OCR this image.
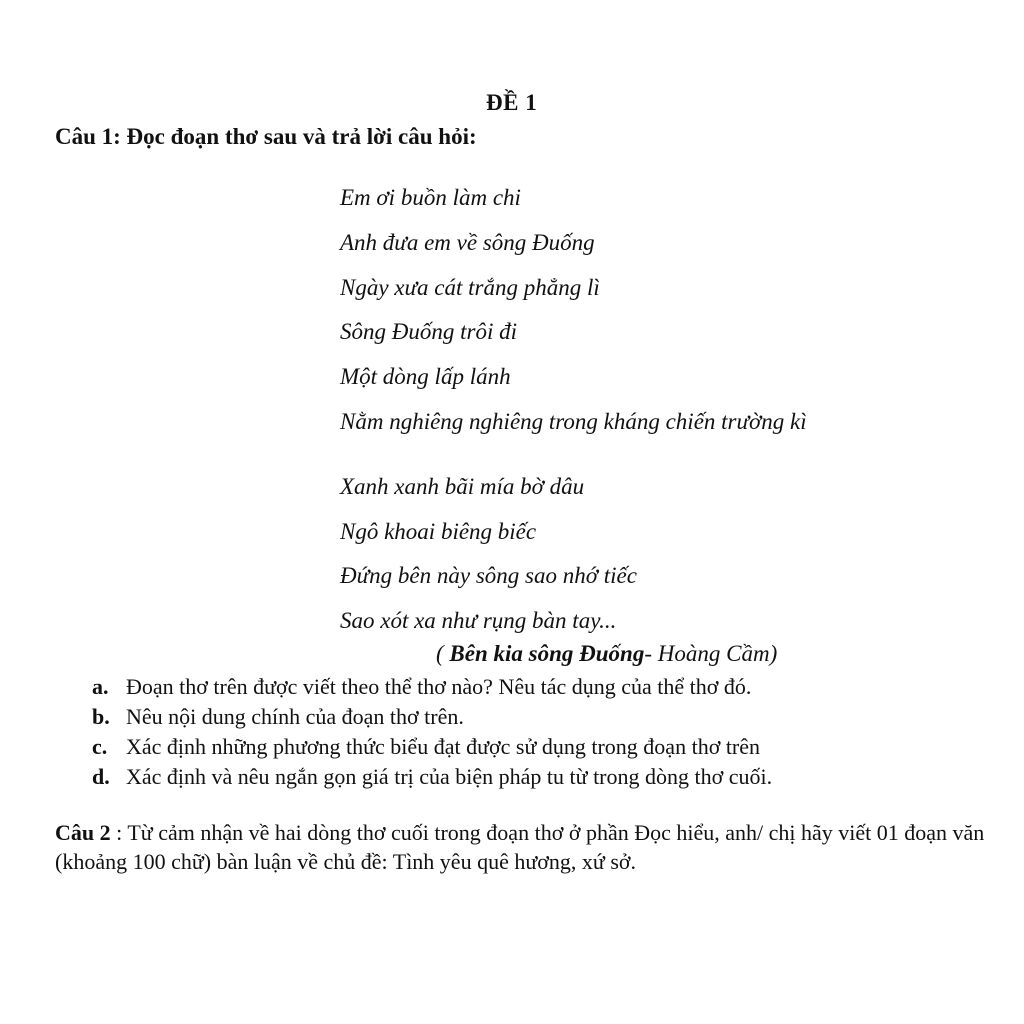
ĐỀ 1
Câu 1: Đọc đoạn thơ sau và trả lời câu hỏi:
Em ơi buồn làm chi
Anh đưa em về sông Đuống
Ngày xưa cát trắng phẳng lì
Sông Đuống trôi đi
Một dòng lấp lánh
Nằm nghiêng nghiêng trong kháng chiến trường kì
Xanh xanh bãi mía bờ dâu
Ngô khoai biêng biếc
Đứng bên này sông sao nhớ tiếc
Sao xót xa như rụng bàn tay...
( Bên kia sông Đuống- Hoàng Cầm)
a. Đoạn thơ trên được viết theo thể thơ nào? Nêu tác dụng của thể thơ đó.
b. Nêu nội dung chính của đoạn thơ trên.
c. Xác định những phương thức biểu đạt được sử dụng trong đoạn thơ trên
d. Xác định và nêu ngắn gọn giá trị của biện pháp tu từ trong dòng thơ cuối.
Câu 2 : Từ cảm nhận về hai dòng thơ cuối trong đoạn thơ ở phần Đọc hiểu, anh/ chị hãy viết 01 đoạn văn (khoảng 100 chữ) bàn luận về chủ đề: Tình yêu quê hương, xứ sở.
